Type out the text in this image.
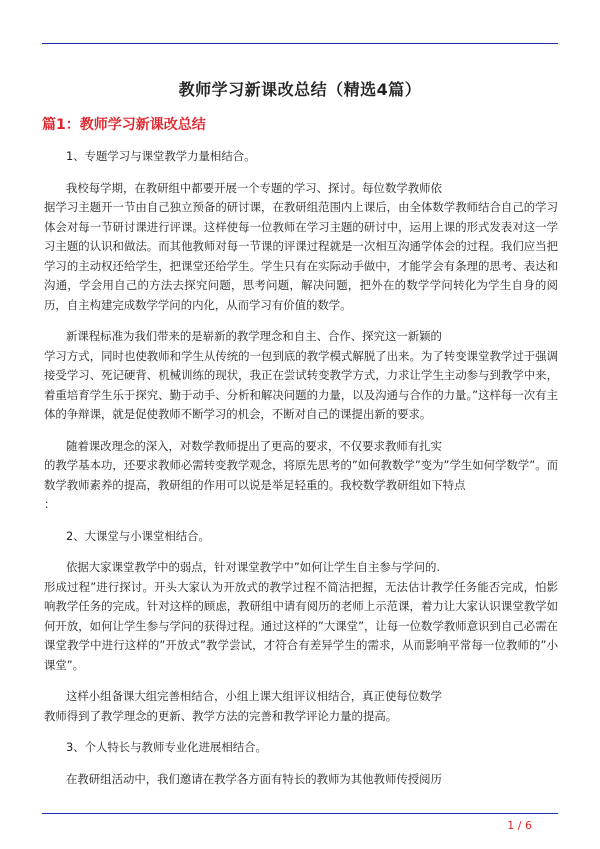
教师学习新课改总结（精选4篇）
篇1：教师学习新课改总结

1、专题学习与课堂教学力量相结合。

我校每学期，在教研组中都要开展一个专题的学习、探讨。每位数学教师依
据学习主题开一节由自己独立预备的研讨课，在教研组范围内上课后，由全体数学教师结合自己的学习体会对每一节研讨课进行评课。这样使每一位教师在学习主题的研讨中，运用上课的形式发表对这一学习主题的认识和做法。而其他教师对每一节课的评课过程就是一次相互沟通学体会的过程。我们应当把学习的主动权还给学生，把课堂还给学生。学生只有在实际动手做中，才能学会有条理的思考、表达和沟通，学会用自己的方法去探究问题，思考问题，解决问题，把外在的数学学问转化为学生自身的阅历，自主构建完成数学学问的内化，从而学习有价值的数学。

新课程标准为我们带来的是崭新的教学理念和自主、合作、探究这一新颖的
学习方式，同时也使教师和学生从传统的一包到底的教学模式解脱了出来。为了转变课堂教学过于强调接受学习、死记硬背、机械训练的现状，我正在尝试转变教学方式，力求让学生主动参与到教学中来，着重培育学生乐于探究、勤于动手、分析和解决问题的力量，以及沟通与合作的力量。”这样每一次有主体的争辩课，就是促使教师不断学习的机会，不断对自己的课提出新的要求。

随着课改理念的深入，对数学教师提出了更高的要求，不仅要求教师有扎实
的教学基本功，还要求教师必需转变教学观念，将原先思考的”如何教数学”变为”学生如何学数学”。而数学教师素养的提高，教研组的作用可以说是举足轻重的。我校数学教研组如下特点
：

2、大课堂与小课堂相结合。

依据大家课堂教学中的弱点，针对课堂教学中”如何让学生自主参与学问的.
形成过程”进行探讨。开头大家认为开放式的教学过程不简洁把握，无法估计教学任务能否完成，怕影响教学任务的完成。针对这样的顾虑，教研组中请有阅历的老师上示范课，着力让大家认识课堂教学如何开放，如何让学生参与学问的获得过程。通过这样的”大课堂”，让每一位数学教师意识到自己必需在课堂教学中进行这样的”开放式”教学尝试，才符合有差异学生的需求，从而影响平常每一位教师的”小课堂”。

这样小组备课大组完善相结合，小组上课大组评议相结合，真正使每位数学
教师得到了教学理念的更新、教学方法的完善和教学评论力量的提高。

3、个人特长与教师专业化进展相结合。

在教研组活动中，我们邀请在教学各方面有特长的教师为其他教师传授阅历

1 / 6
